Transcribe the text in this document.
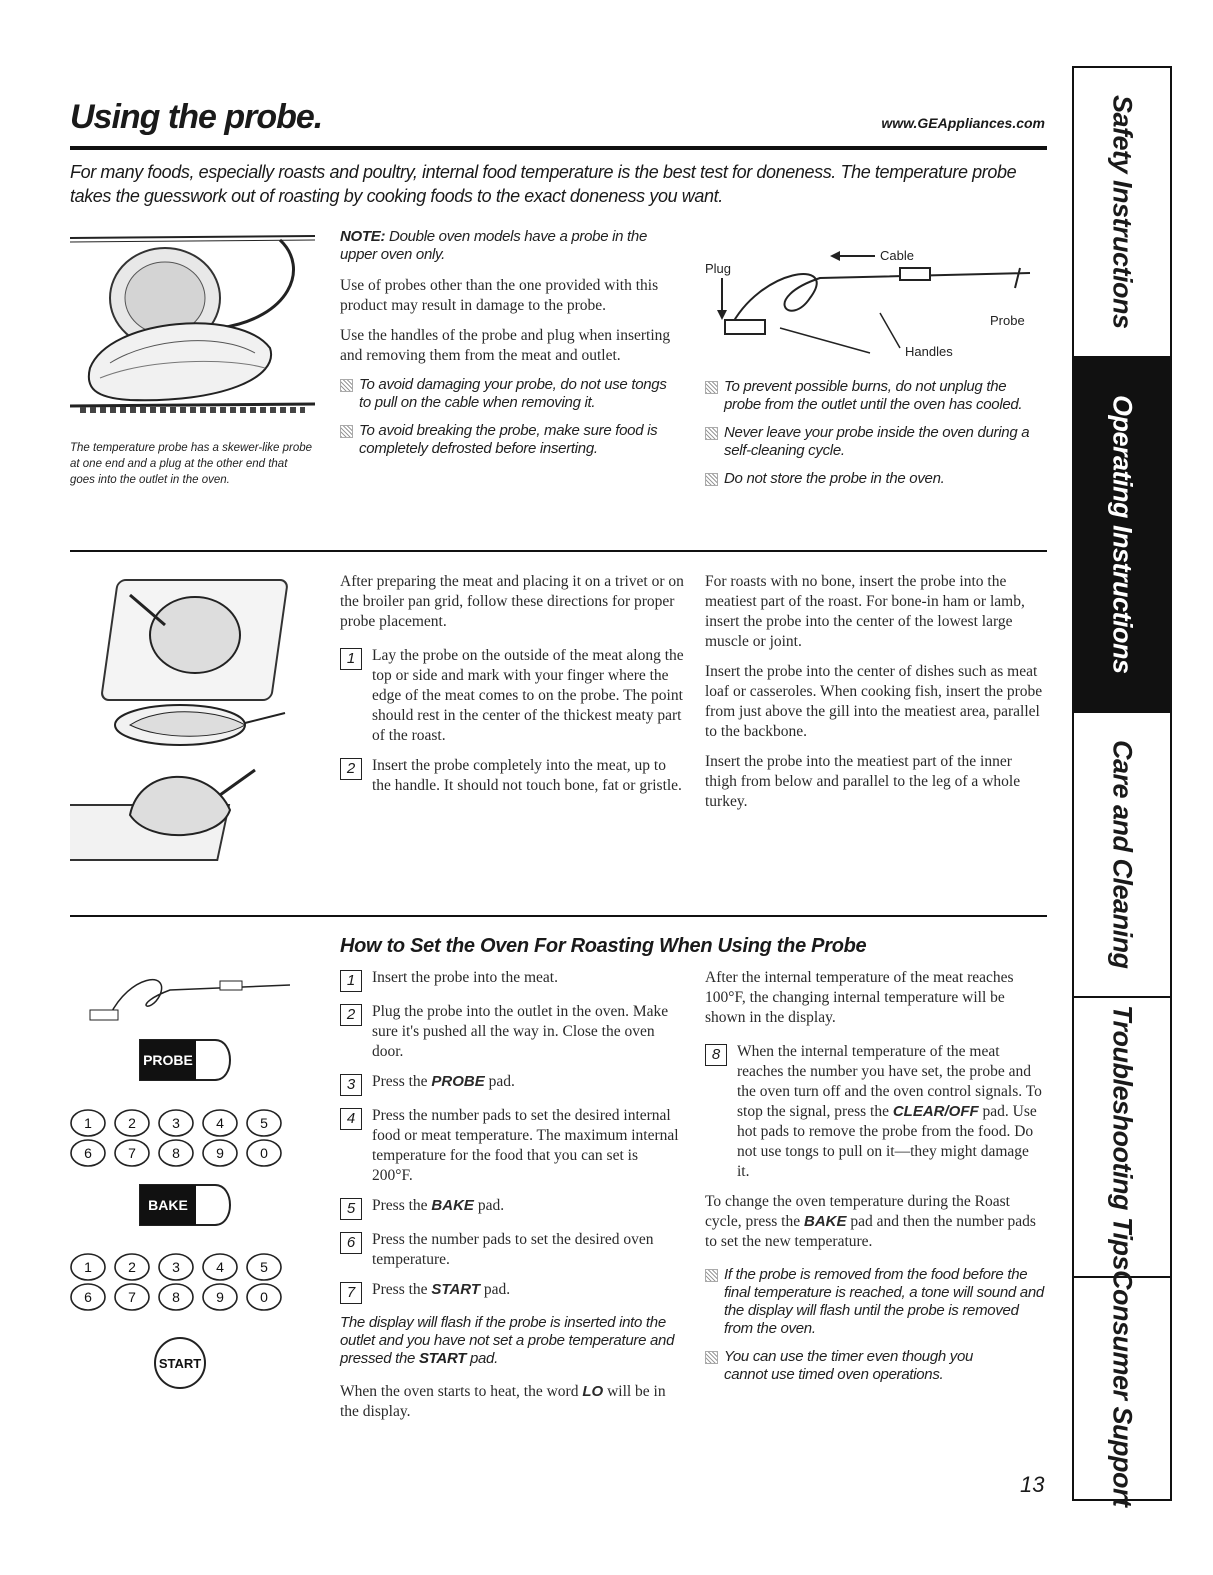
Using the probe.	www.GEAppliances.com
For many foods, especially roasts and poultry, internal food temperature is the best test for doneness. The temperature probe takes the guesswork out of roasting by cooking foods to the exact doneness you want.	Safety Instructions
Operating Instructions
Care and Cleaning
Troubleshooting Tips
Consumer Support
The temperature probe has a skewer-like probe at one end and a plug at the other end that goes into the outlet in the oven.
NOTE: Double oven models have a probe in the upper oven only.

Use of probes other than the one provided with this product may result in damage to the probe.

Use the handles of the probe and plug when inserting and removing them from the meat and outlet.

To avoid damaging your probe, do not use tongs to pull on the cable when removing it.
To avoid breaking the probe, make sure food is completely defrosted before inserting.
Plug
Cable
Probe
Handles
To prevent possible burns, do not unplug the probe from the outlet until the oven has cooled.
Never leave your probe inside the oven during a self-cleaning cycle.
Do not store the probe in the oven.

After preparing the meat and placing it on a trivet or on the broiler pan grid, follow these directions for proper probe placement.

1	Lay the probe on the outside of the meat along the top or side and mark with your finger where the edge of the meat comes to on the probe. The point should rest in the center of the thickest meaty part of the roast.

2	Insert the probe completely into the meat, up to the handle. It should not touch bone, fat or gristle.

For roasts with no bone, insert the probe into the meatiest part of the roast. For bone-in ham or lamb, insert the probe into the center of the lowest large muscle or joint.

Insert the probe into the center of dishes such as meat loaf or casseroles. When cooking fish, insert the probe from just above the gill into the meatiest area, parallel to the backbone.

Insert the probe into the meatiest part of the inner thigh from below and parallel to the leg of a whole turkey.

How to Set the Oven For Roasting When Using the Probe
PROBE
BAKE
START
1	2	3	4	5
6	7	8	9	0
1	2	3	4	5
6	7	8	9	0
1	Insert the probe into the meat.

2	Plug the probe into the outlet in the oven. Make sure it's pushed all the way in. Close the oven door.

3	Press the PROBE pad.

4	Press the number pads to set the desired internal food or meat temperature. The maximum internal temperature for the food that you can set is 200°F.

5	Press the BAKE pad.

6	Press the number pads to set the desired oven temperature.

7	Press the START pad.

The display will flash if the probe is inserted into the outlet and you have not set a probe temperature and pressed the START pad.

When the oven starts to heat, the word LO will be in the display.

After the internal temperature of the meat reaches 100°F, the changing internal temperature will be shown in the display.

8	When the internal temperature of the meat reaches the number you have set, the probe and the oven turn off and the oven control signals. To stop the signal, press the CLEAR/OFF pad. Use hot pads to remove the probe from the food. Do not use tongs to pull on it—they might damage it.

To change the oven temperature during the Roast cycle, press the BAKE pad and then the number pads to set the new temperature.

If the probe is removed from the food before the final temperature is reached, a tone will sound and the display will flash until the probe is removed from the oven.
You can use the timer even though you cannot use timed oven operations.
13
